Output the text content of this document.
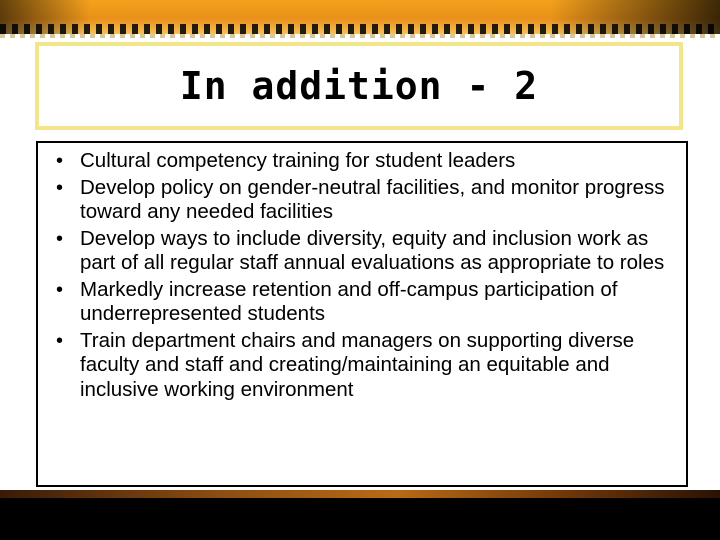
In addition - 2
• Cultural competency training for student leaders
• Develop policy on gender-neutral facilities, and monitor progress toward any needed facilities
• Develop ways to include diversity, equity and inclusion work as part of all regular staff annual evaluations as appropriate to roles
• Markedly increase retention and off-campus participation of underrepresented students
• Train department chairs and managers on supporting diverse faculty and staff and creating/maintaining an equitable and inclusive working environment
